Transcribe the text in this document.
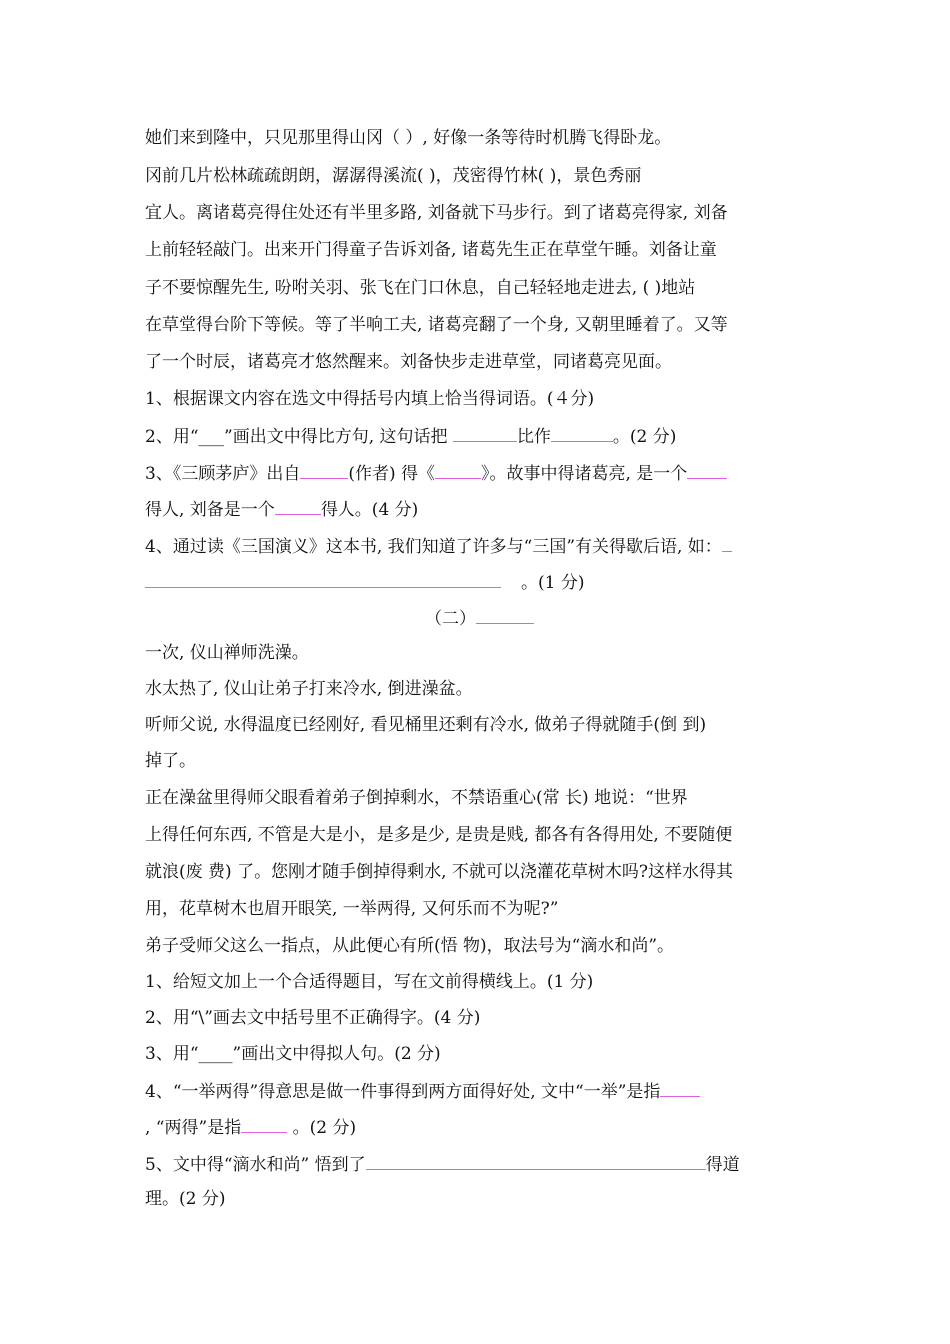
她们来到隆中，只见那里得山冈（ ）, 好像一条等待时机腾飞得卧龙。
冈前几片松林疏疏朗朗，潺潺得溪流( )，茂密得竹林( )，景色秀丽
宜人。离诸葛亮得住处还有半里多路, 刘备就下马步行。到了诸葛亮得家, 刘备
上前轻轻敲门。出来开门得童子告诉刘备, 诸葛先生正在草堂午睡。刘备让童
子不要惊醒先生, 吩咐关羽、张飞在门口休息，自己轻轻地走进去, ( )地站
在草堂得台阶下等候。等了半响工夫, 诸葛亮翻了一个身, 又朝里睡着了。又等
了一个时辰，诸葛亮才悠然醒来。刘备快步走进草堂，同诸葛亮见面。
1、根据课文内容在选文中得括号内填上恰当得词语。(４分)
2、用“___”画出文中得比方句, 这句话把	比作	。(2 分)
3、《三顾茅庐》出自	(作者) 得《	》。故事中得诸葛亮, 是一个
得人, 刘备是一个	得人。(4 分)
4、通过读《三国演义》这本书, 我们知道了许多与“三国”有关得歇后语, 如：
。(1 分)
（二）
一次, 仪山禅师洗澡。
水太热了, 仪山让弟子打来冷水, 倒进澡盆。
听师父说, 水得温度已经刚好, 看见桶里还剩有冷水, 做弟子得就随手(倒 到)
掉了。
正在澡盆里得师父眼看着弟子倒掉剩水，不禁语重心(常 长) 地说：“世界
上得任何东西, 不管是大是小，是多是少, 是贵是贱, 都各有各得用处, 不要随便
就浪(废 费) 了。您刚才随手倒掉得剩水, 不就可以浇灌花草树木吗?这样水得其
用，花草树木也眉开眼笑, 一举两得, 又何乐而不为呢?”
弟子受师父这么一指点，从此便心有所(悟 物)，取法号为“滴水和尚”。
1、给短文加上一个合适得题目，写在文前得横线上。(1 分)
2、用“\”画去文中括号里不正确得字。(4 分)
3、用“____”画出文中得拟人句。(2 分)
4、“一举两得”得意思是做一件事得到两方面得好处, 文中“一举”是指
, “两得”是指	。(2 分)
5、文中得“滴水和尚” 悟到了	得道
理。(2 分)
